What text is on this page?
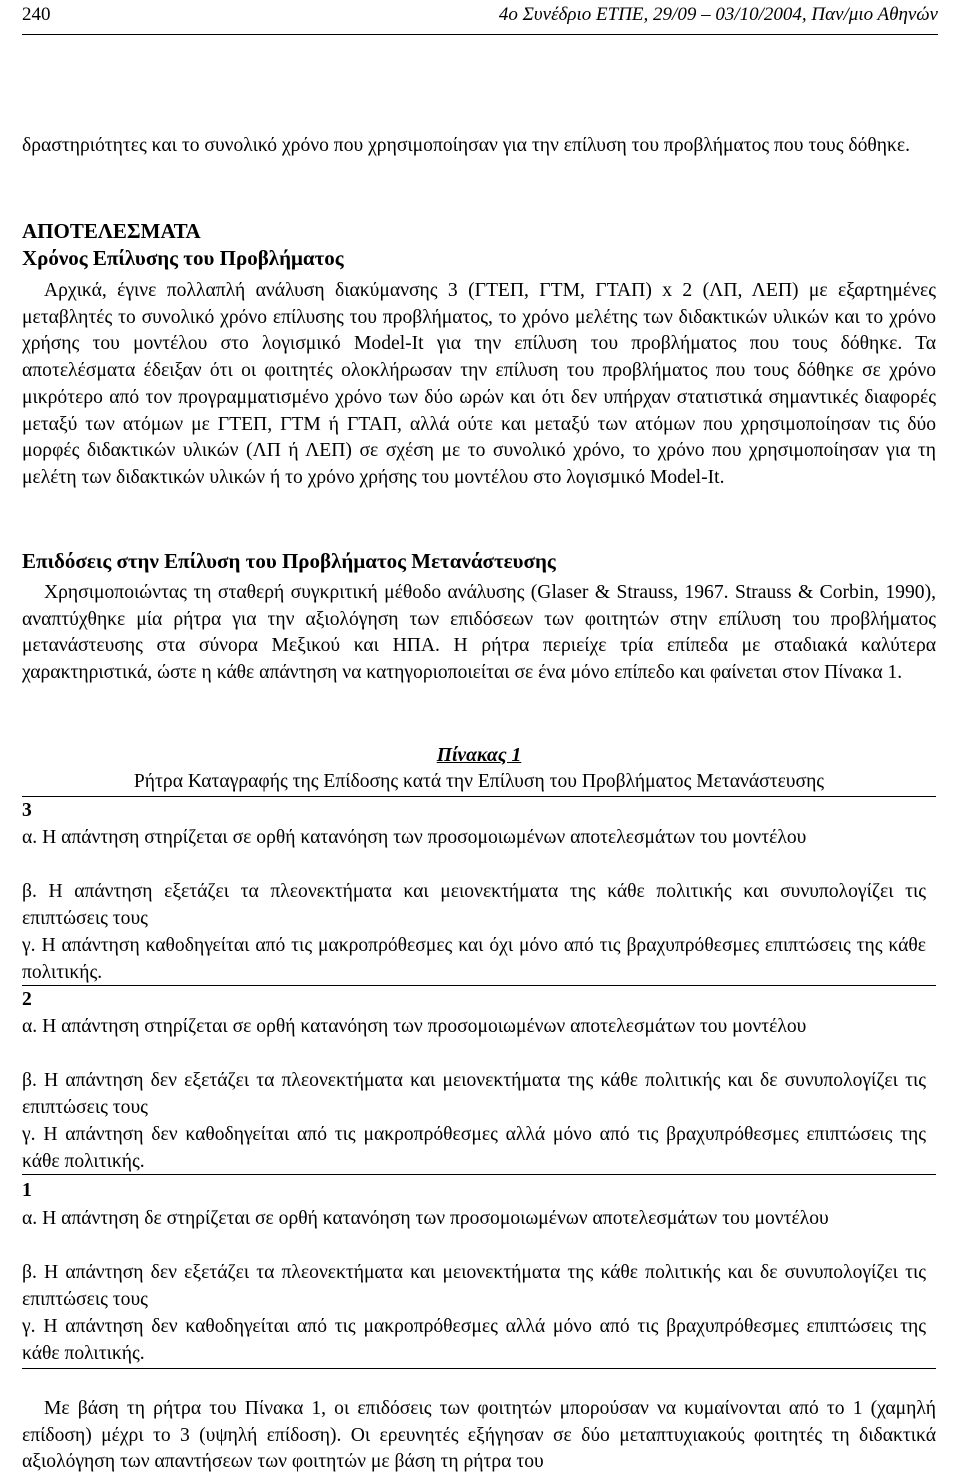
240	4ο Συνέδριο ΕΤΠΕ, 29/09 – 03/10/2004, Παν/μιο Αθηνών

δραστηριότητες και το συνολικό χρόνο που χρησιμοποίησαν για την επίλυση του προβλήματος που τους δόθηκε.

ΑΠΟΤΕΛΕΣΜΑΤΑ
Χρόνος Επίλυσης του Προβλήματος

Αρχικά, έγινε πολλαπλή ανάλυση διακύμανσης 3 (ΓΤΕΠ, ΓΤΜ, ΓΤΑΠ) x 2 (ΛΠ, ΛΕΠ) με εξαρτημένες μεταβλητές το συνολικό χρόνο επίλυσης του προβλήματος, το χρόνο μελέτης των διδακτικών υλικών και το χρόνο χρήσης του μοντέλου στο λογισμικό Model-It για την επίλυση του προβλήματος που τους δόθηκε. Τα αποτελέσματα έδειξαν ότι οι φοιτητές ολοκλήρωσαν την επίλυση του προβλήματος που τους δόθηκε σε χρόνο μικρότερο από τον προγραμματισμένο χρόνο των δύο ωρών και ότι δεν υπήρχαν στατιστικά σημαντικές διαφορές μεταξύ των ατόμων με ΓΤΕΠ, ΓΤΜ ή ΓΤΑΠ, αλλά ούτε και μεταξύ των ατόμων που χρησιμοποίησαν τις δύο μορφές διδακτικών υλικών (ΛΠ ή ΛΕΠ) σε σχέση με το συνολικό χρόνο, το χρόνο που χρησιμοποίησαν για τη μελέτη των διδακτικών υλικών ή το χρόνο χρήσης του μοντέλου στο λογισμικό Model-It.

Επιδόσεις στην Επίλυση του Προβλήματος Μετανάστευσης

Χρησιμοποιώντας τη σταθερή συγκριτική μέθοδο ανάλυσης (Glaser & Strauss, 1967. Strauss & Corbin, 1990), αναπτύχθηκε μία ρήτρα για την αξιολόγηση των επιδόσεων των φοιτητών στην επίλυση του προβλήματος μετανάστευσης στα σύνορα Μεξικού και ΗΠΑ. Η ρήτρα περιείχε τρία επίπεδα με σταδιακά καλύτερα χαρακτηριστικά, ώστε η κάθε απάντηση να κατηγοριοποιείται σε ένα μόνο επίπεδο και φαίνεται στον Πίνακα 1.

Πίνακας 1

Ρήτρα Καταγραφής της Επίδοσης κατά την Επίλυση του Προβλήματος Μετανάστευσης

3

α. Η απάντηση στηρίζεται σε ορθή κατανόηση των προσομοιωμένων αποτελεσμάτων του μοντέλου

β. Η απάντηση εξετάζει τα πλεονεκτήματα και μειονεκτήματα της κάθε πολιτικής και συνυπολογίζει τις επιπτώσεις τους

γ. Η απάντηση καθοδηγείται από τις μακροπρόθεσμες και όχι μόνο από τις βραχυπρόθεσμες επιπτώσεις της κάθε πολιτικής.

2

α. Η απάντηση στηρίζεται σε ορθή κατανόηση των προσομοιωμένων αποτελεσμάτων του μοντέλου

β. Η απάντηση δεν εξετάζει τα πλεονεκτήματα και μειονεκτήματα της κάθε πολιτικής και δε συνυπολογίζει τις επιπτώσεις τους

γ. Η απάντηση δεν καθοδηγείται από τις μακροπρόθεσμες αλλά μόνο από τις βραχυπρόθεσμες επιπτώσεις της κάθε πολιτικής.

1

α. Η απάντηση δε στηρίζεται σε ορθή κατανόηση των προσομοιωμένων αποτελεσμάτων του μοντέλου

β. Η απάντηση δεν εξετάζει τα πλεονεκτήματα και μειονεκτήματα της κάθε πολιτικής και δε συνυπολογίζει τις επιπτώσεις τους

γ. Η απάντηση δεν καθοδηγείται από τις μακροπρόθεσμες αλλά μόνο από τις βραχυπρόθεσμες επιπτώσεις της κάθε πολιτικής.

Με βάση τη ρήτρα του Πίνακα 1, οι επιδόσεις των φοιτητών μπορούσαν να κυμαίνονται από το 1 (χαμηλή επίδοση) μέχρι το 3 (υψηλή επίδοση). Οι ερευνητές εξήγησαν σε δύο μεταπτυχιακούς φοιτητές τη διδακτικά αξιολόγηση των απαντήσεων των φοιτητών με βάση τη ρήτρα του
